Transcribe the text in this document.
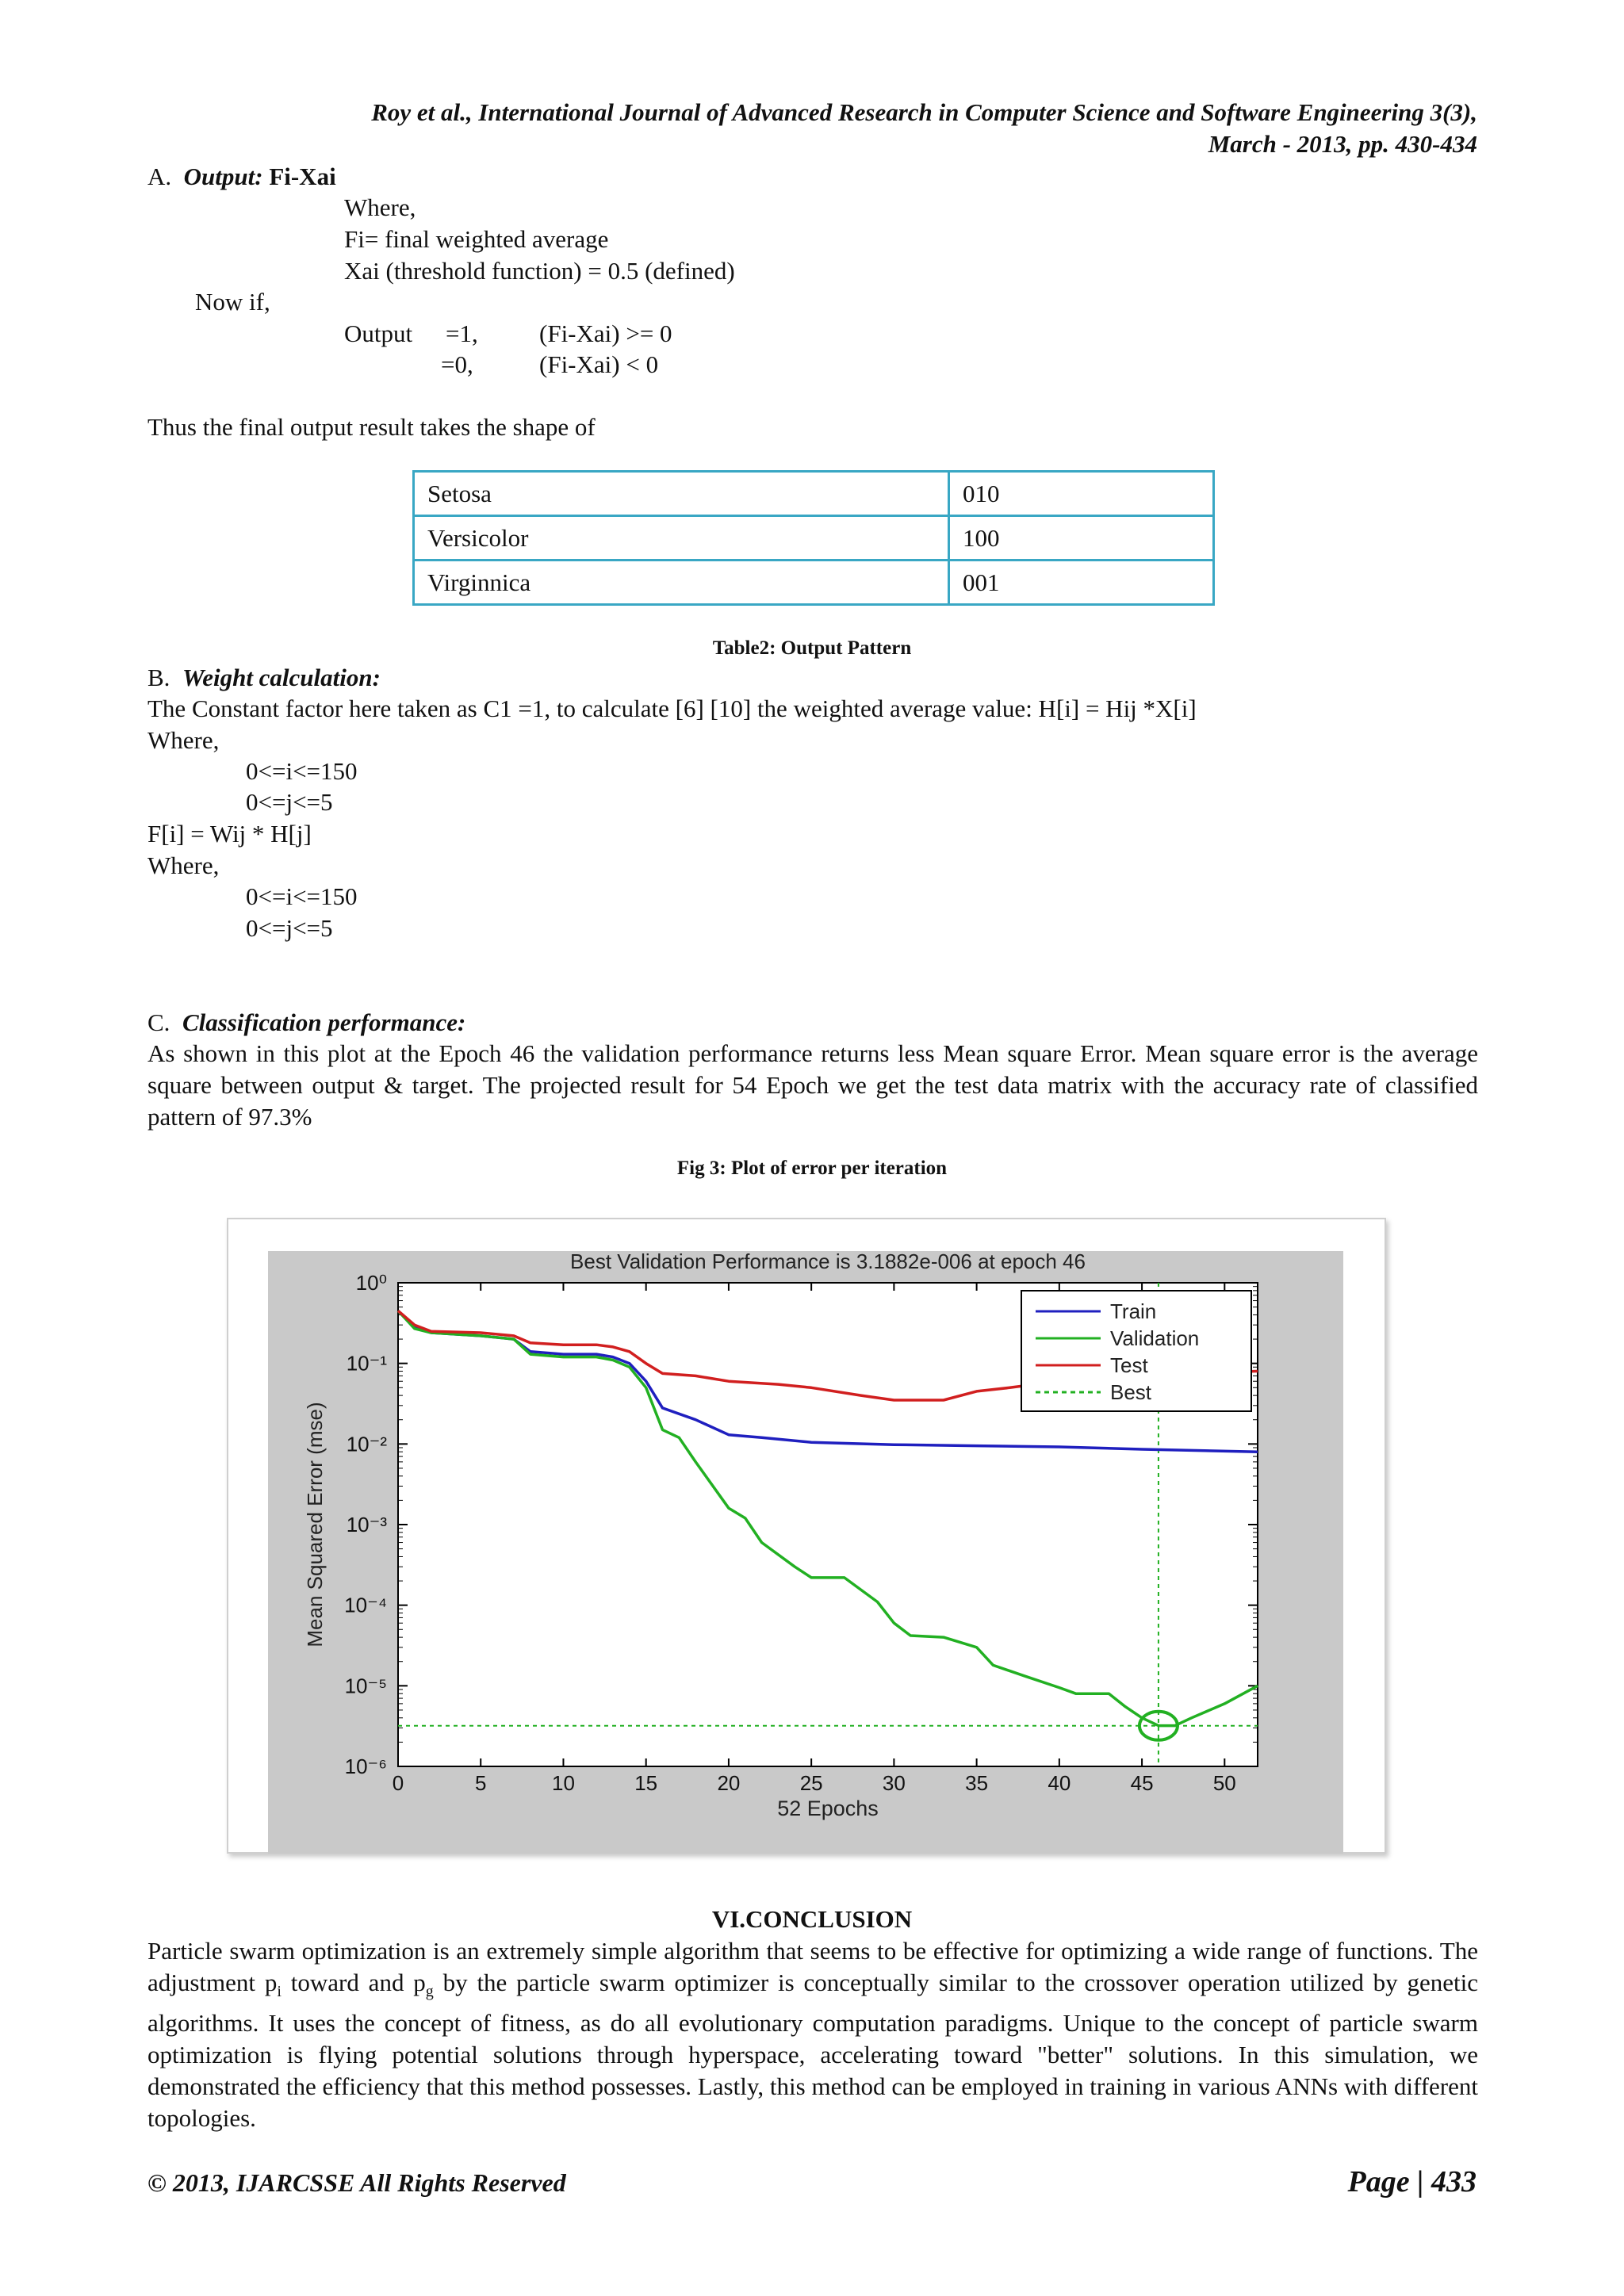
Roy et al., International Journal of Advanced Research in Computer Science and Software Engineering 3(3),
March - 2013, pp. 430-434
A. Output: Fi-Xai
Where,
Fi= final weighted average
Xai (threshold function) = 0.5 (defined)
Now if,
Output =1, (Fi-Xai) >= 0
=0,	(Fi-Xai) < 0
Thus the final output result takes the shape of
Setosa	010
Versicolor	100
Virginnica	001
Table2: Output Pattern
B. Weight calculation:
The Constant factor here taken as C1 =1, to calculate [6] [10] the weighted average value: H[i] = Hij *X[i]
Where,
0<=i<=150
0<=j<=5
F[i] = Wij * H[j]
Where,
0<=i<=150
0<=j<=5
C. Classification performance:
As shown in this plot at the Epoch 46 the validation performance returns less Mean square Error. Mean square error is the average square between output & target. The projected result for 54 Epoch we get the test data matrix with the accuracy rate of classified pattern of 97.3%
Fig 3: Plot of error per iteration
Best Validation Performance is 3.1882e-006 at epoch 46
0	5	10	15	20	25	30	35	40	45	50
10⁰
10⁻¹
10⁻²
10⁻³
10⁻⁴
10⁻⁵
10⁻⁶
52 Epochs
Mean Squared Error (mse)
Train
Validation
Test
Best
VI.CONCLUSION
Particle swarm optimization is an extremely simple algorithm that seems to be effective for optimizing a wide range of functions. The adjustment $p_i$ toward and $p_g$ by the particle swarm optimizer is conceptually similar to the crossover operation utilized by genetic algorithms. It uses the concept of fitness, as do all evolutionary computation paradigms. Unique to the concept of particle swarm optimization is flying potential solutions through hyperspace, accelerating toward "better" solutions. In this simulation, we demonstrated the efficiency that this method possesses. Lastly, this method can be employed in training in various ANNs with different topologies.
© 2013, IJARCSSE All Rights Reserved	Page | 433
